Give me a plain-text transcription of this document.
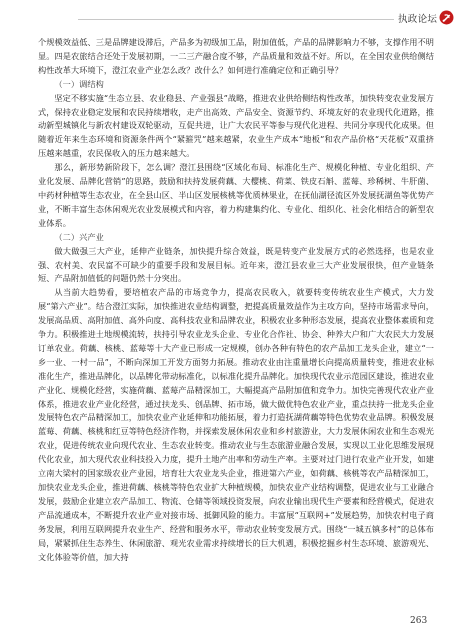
执政论坛

个规模效益低、三是品牌建设滞后，产品多为初级加工品，附加值低，产品的品牌影响力不够，支撑作用不明显。四是农旅结合还处于发展初期，一二三产融合度不够，产品质量和效益不好。所以，在全国农业供给侧结构性改革大环境下，澄江农业产业怎么改？改什么？如何进行准确定位和正确引导？

（一）调结构

坚定不移实施“生态立县、农业稳县、产业强县”战略，推进农业供给侧结构性改革，加快转变农业发展方式，保持农业稳定发展和农民持续增收，走产出高效、产品安全、资源节约、环境友好的农业现代化道路，推动新型城镇化与新农村建设双轮驱动，互促共进，让广大农民平等参与现代化进程、共同分享现代化成果。但随着近年来生态环境和资源条件两个“紧箍咒”越来越紧，农业生产成本“地板”和农产品价格“天花板”双重挤压越来越重，农民保收入的压力越来越大。

那么，新形势新阶段下，怎么调？澄江县围绕“区域化布局、标准化生产、规模化种植、专业化组织、产业化发展、品牌化营销”的思路，鼓励和扶持发展荷藕、大樱桃、荷菜、铁皮石斛、蓝莓、珍稀树、牛肝菌、中药材种植等生态农业，在全县山区、半山区发展核桃等优质林果业，在抚仙湖径流区外发展抚湖鱼等优势产业，不断丰富生态休闲观光农业发展模式和内容，着力构建集约化、专业化、组织化、社会化相结合的新型农业体系。

（二）兴产业

做大做强三大产业，延伸产业链条，加快提升综合效益，既是转变产业发展方式的必然选择，也是农业强、农村美、农民富不可缺少的重要手段和发展目标。近年来，澄江县农业三大产业发展很快，但产业链条短、产品附加值低的问题仍然十分突出。

从当前大趋势看，要培植农产品的市场竞争力，提高农民收入，就要转变传统农业生产模式，大力发展“第六产业”。结合澄江实际，加快推进农业结构调整，把提高质量效益作为主攻方向，坚持市场需求导向，发展高品质、高附加值、高外向度、高科技农业和品牌农业，积极农业多种形态发展，提高农业整体素质和竞争力。积极推进土地规模流转，扶持引导农业龙头企业、专业化合作社、协会、种养大户和广大农民大力发展订单农业。荷藕、核桃、蓝莓等十大产业已形成一定规模，创办各种有特色的农产品加工龙头企业，建立“一乡一业、一村一品”，不断向深加工开发方面努力拓展。推动农业由注重量增长向提高质量转变，推进农业标准化生产，推进品牌化，以品牌化带动标准化，以标准化提升品牌化。加快现代农业示范园区建设，推进农业产业化、规模化经营，实施荷藕、蓝莓产品精深加工，大幅提高产品附加值和竞争力。加快完善现代农业产业体系，推进农业产业化经营，通过扶龙头、创品牌、拓市场，做大做优特色农业产业，重点扶持一批龙头企业发展特色农产品精深加工，加快农业产业延伸和功能拓展，着力打造抚湖荷藕等特色优势农业品牌。积极发展蓝莓、荷藕、核桃和红豆等特色经济作物，并探索发展休闲农业和乡村旅游业，大力发展休闲农业和生态观光农业，促进传统农业向现代农业、生态农业转变。推动农业与生态旅游业融合发展，实现以工业化思维发展现代化农业，加大现代农业科技投入力度，提升土地产出率和劳动生产率。主要对过门进行农业产业开发，如建立南大梁村的国家级农业产业园，培育壮大农业龙头企业，推进第六产业，如荷藕、核桃等农产品精深加工，加快农业龙头企业，推进荷藕、核桃等特色农业扩大种植规模，加快农业产业结构调整，促进农业与工业融合发展，鼓励企业建立农产品加工、物流、仓储等领域投资发展，向农业输出现代生产要素和经营模式，促进农产品流通成本，不断提升农业产业对接市场、抵御风险的能力。丰富展“互联网+”发展趋势，加快农村电子商务发展，利用互联网提升农业生产、经营和服务水平，带动农业转变发展方式。围绕“一城五镇多村”的总体布局，紧紧抓住生态养生、休闲旅游、观光农业需求持续增长的巨大机遇，积极挖掘乡村生态环境、旅游观光、文化体验等价值，加大持

263
